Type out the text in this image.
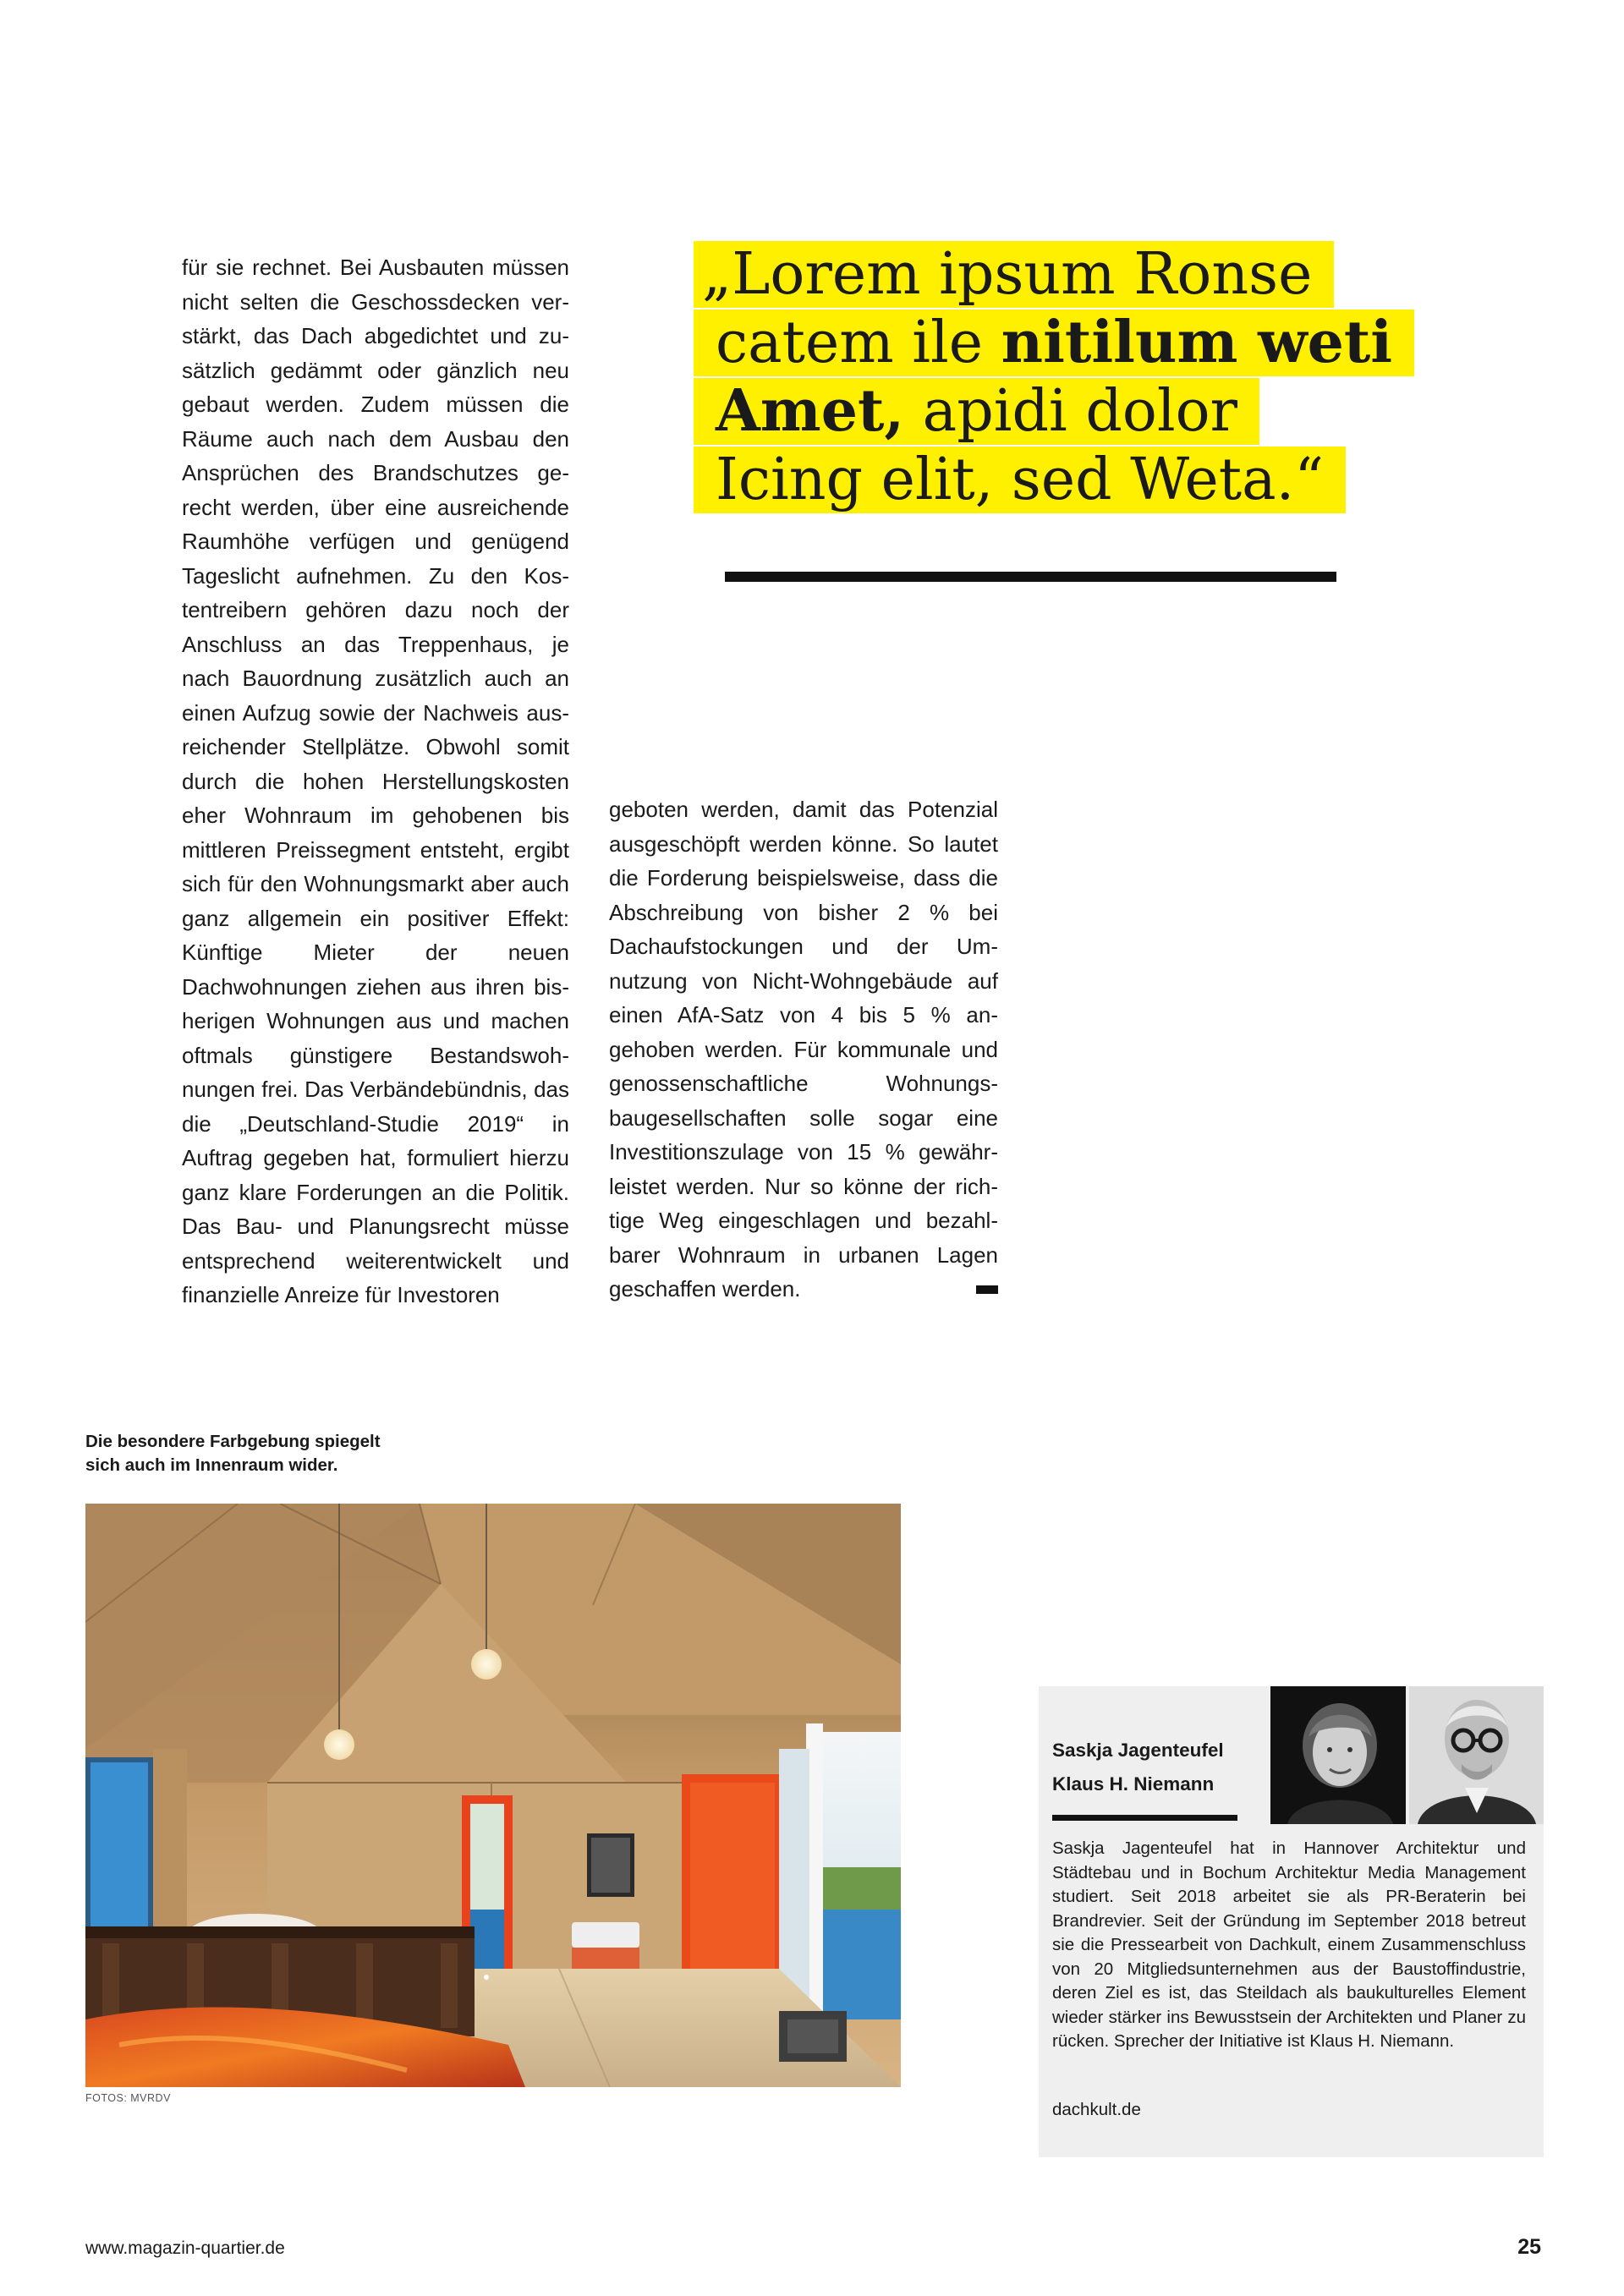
für sie rechnet. Bei Ausbauten müssen nicht selten die Geschossdecken verstärkt, das Dach abgedichtet und zusätzlich gedämmt oder gänzlich neu gebaut werden. Zudem müssen die Räume auch nach dem Ausbau den Ansprüchen des Brandschutzes gerecht werden, über eine ausreichende Raumhöhe verfügen und genügend Tageslicht aufnehmen. Zu den Kostentreibern gehören dazu noch der Anschluss an das Treppenhaus, je nach Bauordnung zusätzlich auch an einen Aufzug sowie der Nachweis ausreichender Stellplätze. Obwohl somit durch die hohen Herstellungskosten eher Wohnraum im gehobenen bis mittleren Preissegment entsteht, ergibt sich für den Wohnungsmarkt aber auch ganz allgemein ein positiver Effekt: Künftige Mieter der neuen Dachwohnungen ziehen aus ihren bisherigen Wohnungen aus und machen oftmals günstigere Bestandswohnungen frei. Das Verbändebündnis, das die „Deutschland-Studie 2019“ in Auftrag gegeben hat, formuliert hierzu ganz klare Forderungen an die Politik. Das Bau- und Planungsrecht müsse entsprechend weiterentwickelt und finanzielle Anreize für Investoren

geboten werden, damit das Potenzial ausgeschöpft werden könne. So lautet die Forderung beispielsweise, dass die Abschreibung von bisher 2 % bei Dachaufstockungen und der Umnutzung von Nicht-Wohngebäude auf einen AfA-Satz von 4 bis 5 % angehoben werden. Für kommunale und genossenschaftliche Wohnungsbaugesellschaften solle sogar eine Investitionszulage von 15 % gewährleistet werden. Nur so könne der richtige Weg eingeschlagen und bezahlbarer Wohnraum in urbanen Lagen geschaffen werden.

„Lorem ipsum Ronse
catem ile nitilum weti
Amet, apidi dolor
Icing elit, sed Weta.“
Die besondere Farbgebung spiegelt
sich auch im Innenraum wider.
FOTOS: MVRDV
Saskja Jagenteufel
Klaus H. Niemann
Saskja Jagenteufel hat in Hannover Architektur und Städtebau und in Bochum Architektur Media Management studiert. Seit 2018 arbeitet sie als PR-Beraterin bei Brandrevier. Seit der Gründung im September 2018 betreut sie die Pressearbeit von Dachkult, einem Zusammenschluss von 20 Mitgliedsunternehmen aus der Baustoffindustrie, deren Ziel es ist, das Steildach als baukulturelles Element wieder stärker ins Bewusstsein der Architekten und Planer zu rücken. Sprecher der Initiative ist Klaus H. Niemann.
dachkult.de
www.magazin-quartier.de	25
